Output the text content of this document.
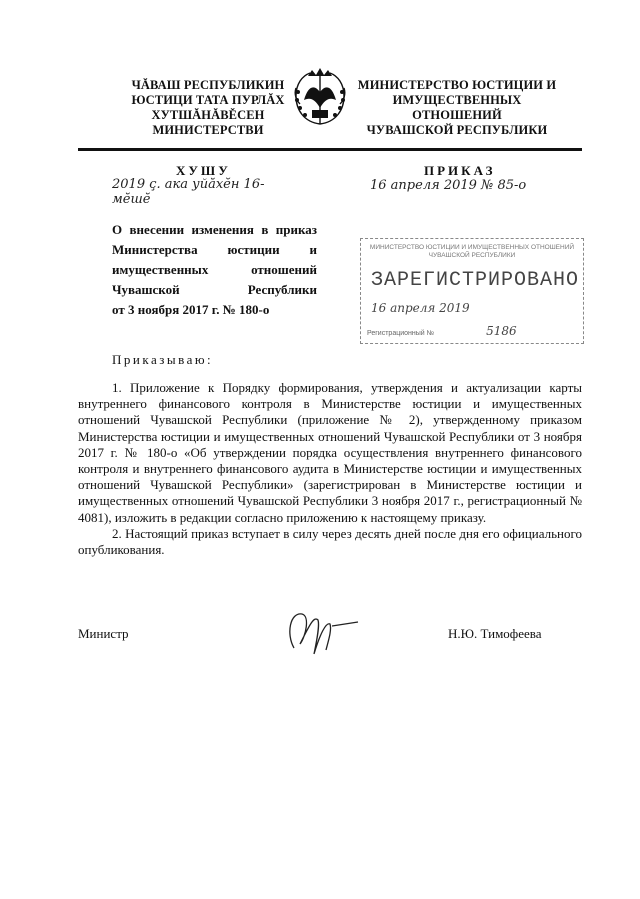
ЧĂВАШ РЕСПУБЛИКИН
ЮСТИЦИ ТАТА ПУРЛĂХ
ХУТШĂНĂВĚСЕН
МИНИСТЕРСТВИ
МИНИСТЕРСТВО ЮСТИЦИИ И
ИМУЩЕСТВЕННЫХ ОТНОШЕНИЙ
ЧУВАШСКОЙ РЕСПУБЛИКИ
ХУШУ	ПРИКАЗ
2019 ҫ. ака уйӑхĕн 16-мӗшĕ
16 апреля 2019 № 85-о
О внесении изменения в приказ
Министерства юстиции и
имущественных отношений
Чувашской Республики
от 3 ноября 2017 г. № 180-о
МИНИСТЕРСТВО ЮСТИЦИИ И ИМУЩЕСТВЕННЫХ ОТНОШЕНИЙ ЧУВАШСКОЙ РЕСПУБЛИКИ
ЗАРЕГИСТРИРОВАНО
16 апреля 2019
Регистрационный №	5186
Приказываю:

1. Приложение к Порядку формирования, утверждения и актуализации карты внутреннего финансового контроля в Министерстве юстиции и имущественных отношений Чувашской Республики (приложение № 2), утвержденному приказом Министерства юстиции и имущественных отношений Чувашской Республики от 3 ноября 2017 г. № 180-о «Об утверждении порядка осуществления внутреннего финансового контроля и внутреннего финансового аудита в Министерстве юстиции и имущественных отношений Чувашской Республики» (зарегистрирован в Министерстве юстиции и имущественных отношений Чувашской Республики 3 ноября 2017 г., регистрационный № 4081), изложить в редакции согласно приложению к настоящему приказу.

2. Настоящий приказ вступает в силу через десять дней после дня его официального опубликования.

Министр	Н.Ю. Тимофеева
